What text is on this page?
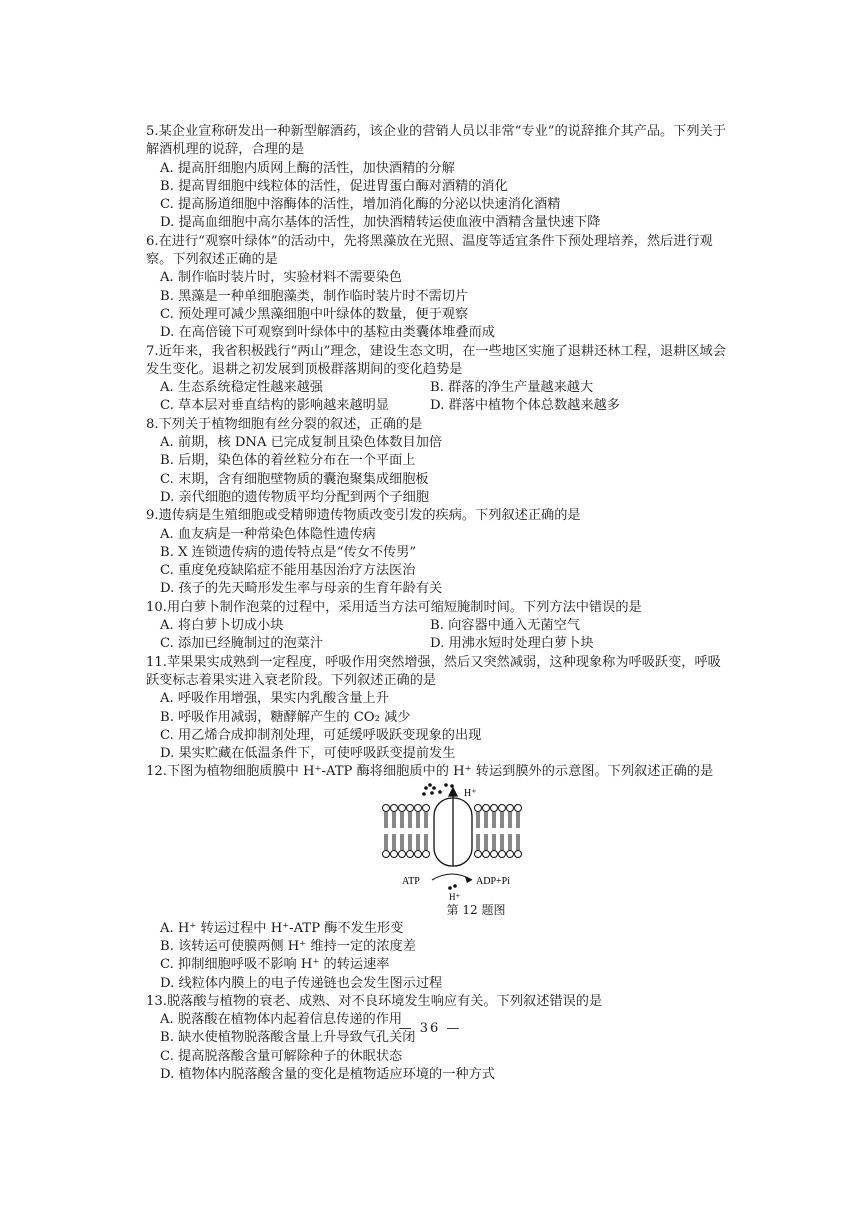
5.某企业宣称研发出一种新型解酒药，该企业的营销人员以非常“专业”的说辞推介其产品。下列关于解酒机理的说辞，合理的是
A. 提高肝细胞内质网上酶的活性，加快酒精的分解
B. 提高胃细胞中线粒体的活性，促进胃蛋白酶对酒精的消化
C. 提高肠道细胞中溶酶体的活性，增加消化酶的分泌以快速消化酒精
D. 提高血细胞中高尔基体的活性，加快酒精转运使血液中酒精含量快速下降
6.在进行“观察叶绿体”的活动中，先将黑藻放在光照、温度等适宜条件下预处理培养，然后进行观察。下列叙述正确的是
A. 制作临时装片时，实验材料不需要染色
B. 黑藻是一种单细胞藻类，制作临时装片时不需切片
C. 预处理可减少黑藻细胞中叶绿体的数量，便于观察
D. 在高倍镜下可观察到叶绿体中的基粒由类囊体堆叠而成
7.近年来，我省积极践行“两山”理念，建设生态文明，在一些地区实施了退耕还林工程，退耕区域会发生变化。退耕之初发展到顶极群落期间的变化趋势是
A. 生态系统稳定性越来越强	B. 群落的净生产量越来越大
C. 草本层对垂直结构的影响越来越明显	D. 群落中植物个体总数越来越多
8.下列关于植物细胞有丝分裂的叙述，正确的是
A. 前期，核 DNA 已完成复制且染色体数目加倍
B. 后期，染色体的着丝粒分布在一个平面上
C. 末期，含有细胞壁物质的囊泡聚集成细胞板
D. 亲代细胞的遗传物质平均分配到两个子细胞
9.遗传病是生殖细胞或受精卵遗传物质改变引发的疾病。下列叙述正确的是
A. 血友病是一种常染色体隐性遗传病
B. X 连锁遗传病的遗传特点是“传女不传男”
C. 重度免疫缺陷症不能用基因治疗方法医治
D. 孩子的先天畸形发生率与母亲的生育年龄有关
10.用白萝卜制作泡菜的过程中，采用适当方法可缩短腌制时间。下列方法中错误的是
A. 将白萝卜切成小块	B. 向容器中通入无菌空气
C. 添加已经腌制过的泡菜汁	D. 用沸水短时处理白萝卜块
11.苹果果实成熟到一定程度，呼吸作用突然增强，然后又突然减弱，这种现象称为呼吸跃变，呼吸跃变标志着果实进入衰老阶段。下列叙述正确的是
A. 呼吸作用增强，果实内乳酸含量上升
B. 呼吸作用减弱，糖酵解产生的 CO₂ 减少
C. 用乙烯合成抑制剂处理，可延缓呼吸跃变现象的出现
D. 果实贮藏在低温条件下，可使呼吸跃变提前发生
12.下图为植物细胞质膜中 H⁺-ATP 酶将细胞质中的 H⁺ 转运到膜外的示意图。下列叙述正确的是
H⁺
ATP	ADP+Pi
H⁺
第 12 题图
A. H⁺ 转运过程中 H⁺-ATP 酶不发生形变
B. 该转运可使膜两侧 H⁺ 维持一定的浓度差
C. 抑制细胞呼吸不影响 H⁺ 的转运速率
D. 线粒体内膜上的电子传递链也会发生图示过程
13.脱落酸与植物的衰老、成熟、对不良环境发生响应有关。下列叙述错误的是
A. 脱落酸在植物体内起着信息传递的作用
B. 缺水使植物脱落酸含量上升导致气孔关闭
C. 提高脱落酸含量可解除种子的休眠状态
D. 植物体内脱落酸含量的变化是植物适应环境的一种方式
— 36 —
